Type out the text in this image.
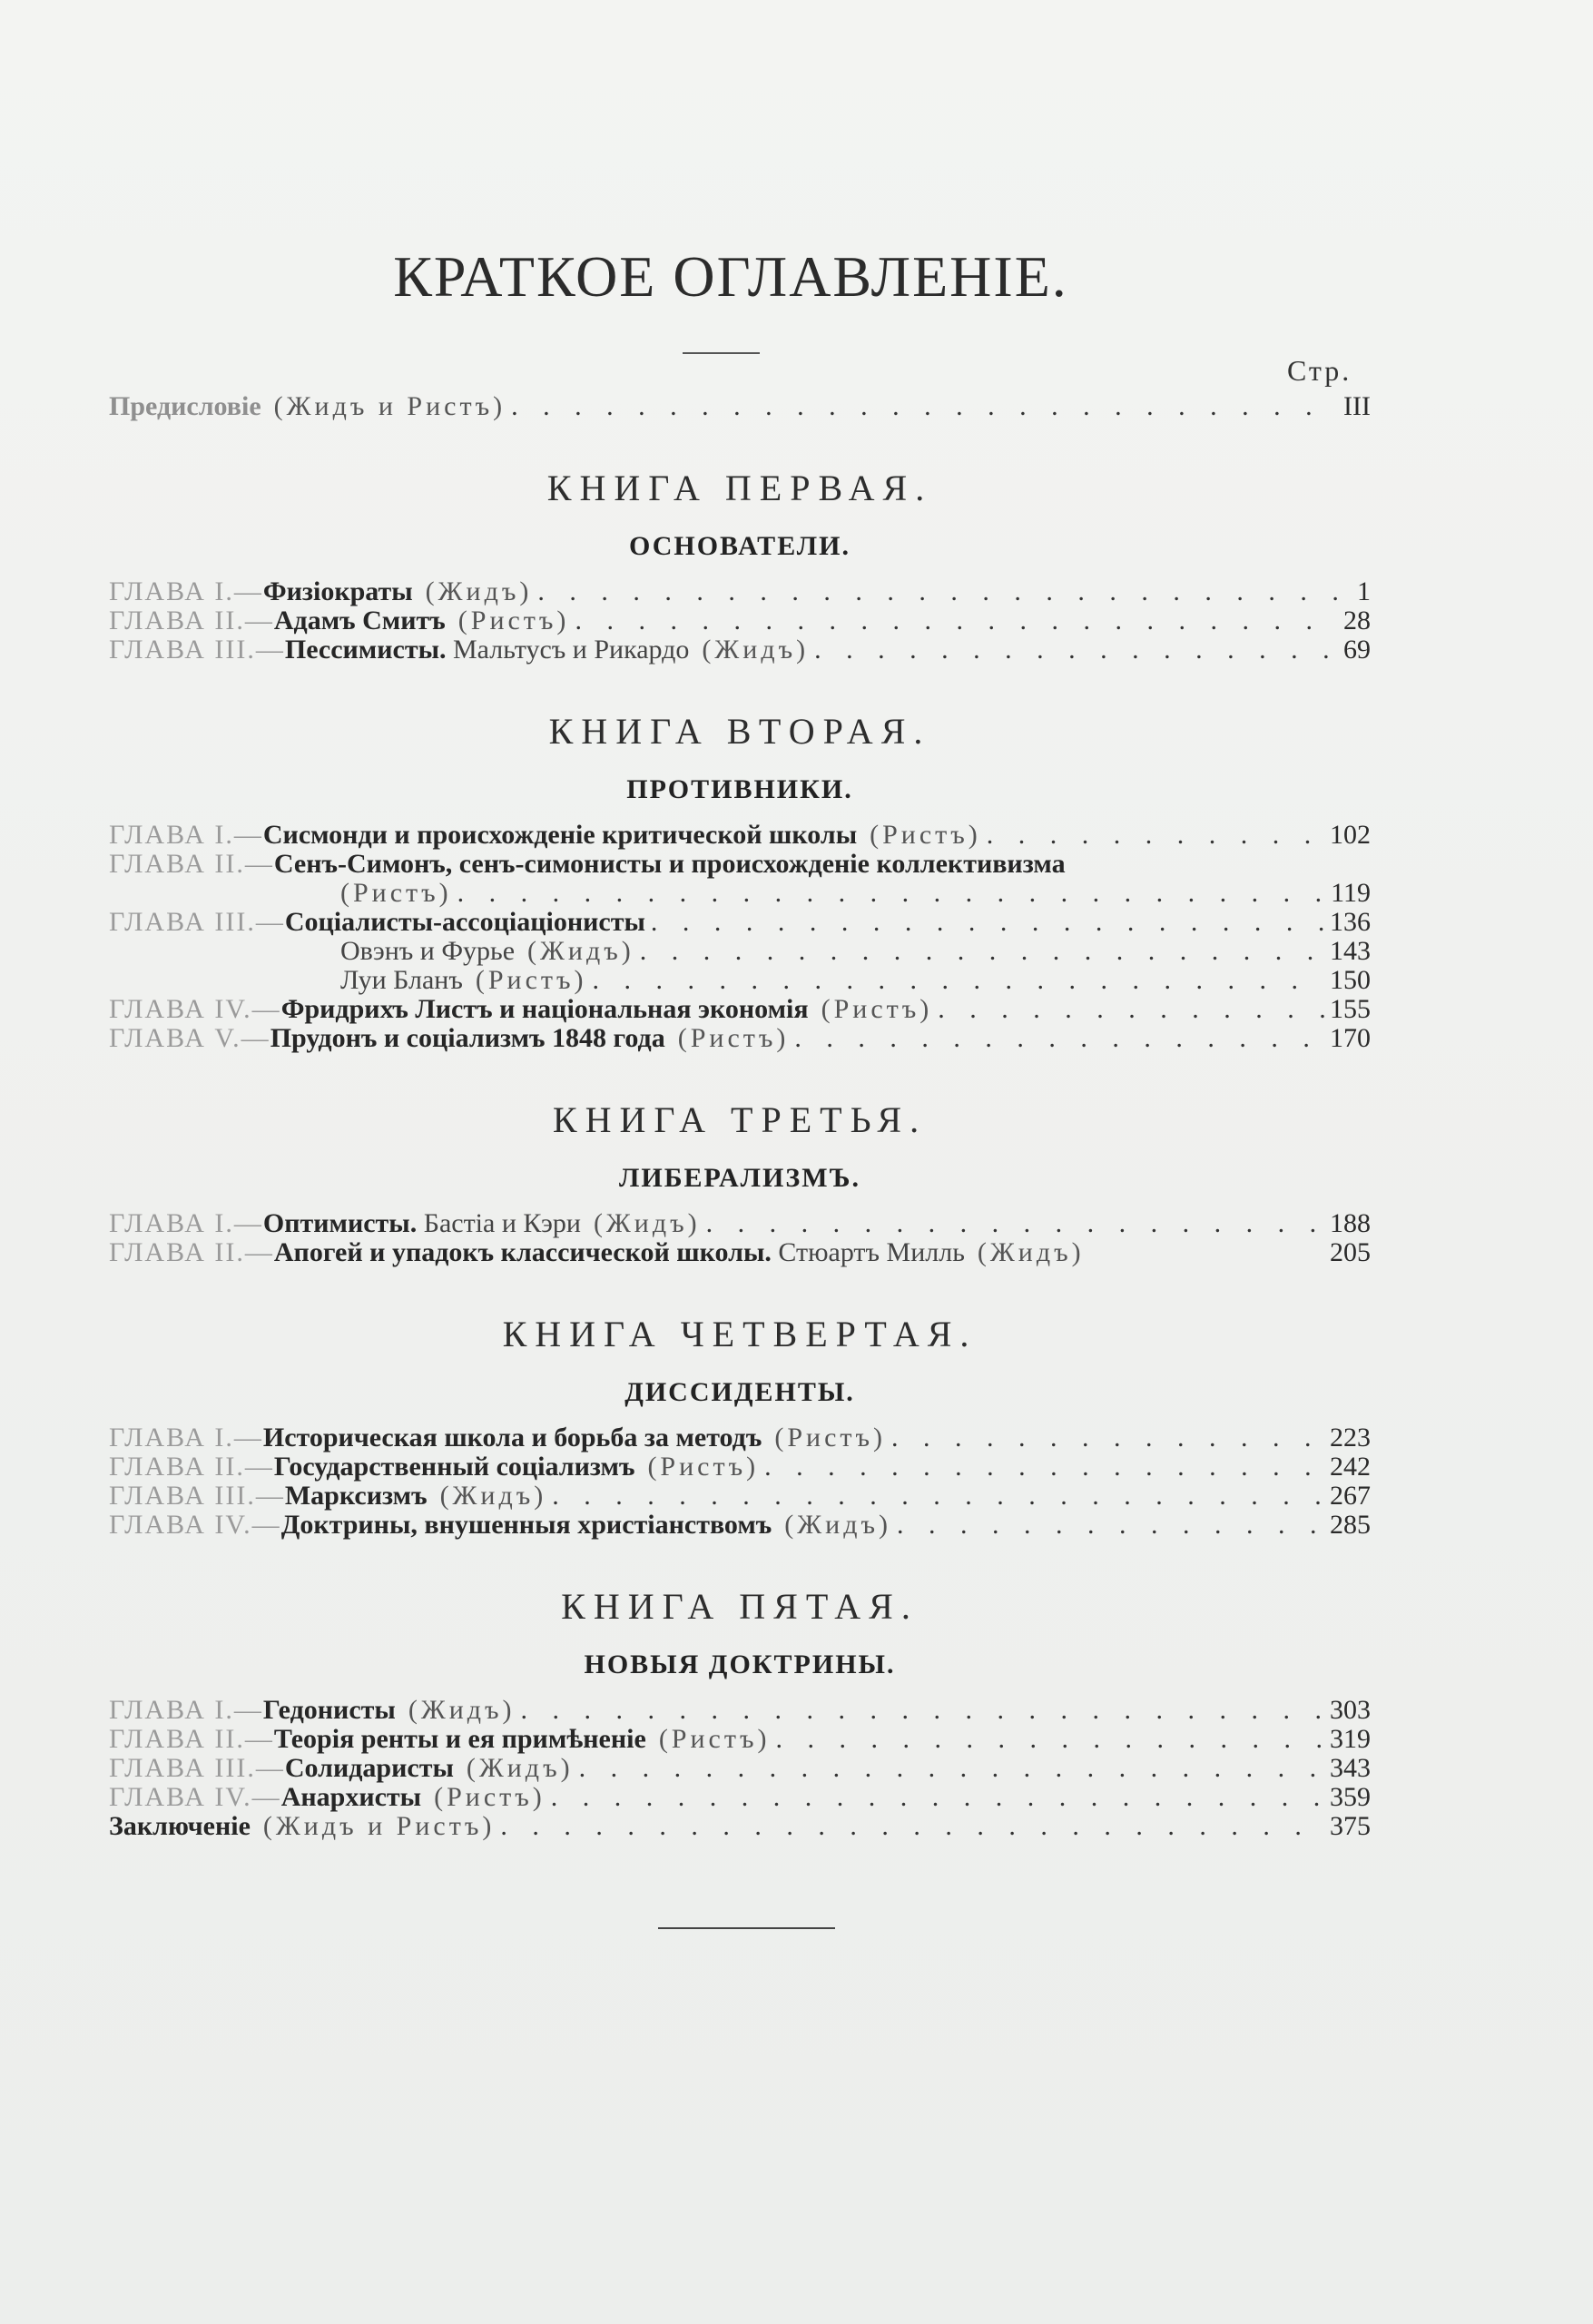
КРАТКОЕ ОГЛАВЛЕНІЕ.
Стр.
Предисловіе (Жидъ и Ристъ) . . .	III
КНИГА ПЕРВАЯ.
ОСНОВАТЕЛИ.
ГЛАВА I.— Физіократы (Жидъ) . . .	1
ГЛАВА II.— Адамъ Смитъ (Ристъ) . . .	28
ГЛАВА III.— Пессимисты. Мальтусъ и Рикардо (Жидъ) . . .	69
КНИГА ВТОРАЯ.
ПРОТИВНИКИ.
ГЛАВА I.— Сисмонди и происхожденіе критической школы (Ристъ) . . .	102
ГЛАВА II.— Сенъ-Симонъ, сенъ-симонисты и происхожденіе коллективизма
(Ристъ) . . .	119
ГЛАВА III.— Соціалисты-ассоціаціонисты . . .	136
Овэнъ и Фурье (Жидъ) . . .	143
Луи Бланъ (Ристъ) . . .	150
ГЛАВА IV.— Фридрихъ Листъ и національная экономія (Ристъ) . . .	155
ГЛАВА V.— Прудонъ и соціализмъ 1848 года (Ристъ) . . .	170
КНИГА ТРЕТЬЯ.
ЛИБЕРАЛИЗМЪ.
ГЛАВА I.— Оптимисты. Бастіа и Кэри (Жидъ) . . .	188
ГЛАВА II.— Апогей и упадокъ классической школы. Стюартъ Милль (Жидъ)	205
КНИГА ЧЕТВЕРТАЯ.
ДИССИДЕНТЫ.
ГЛАВА I.— Историческая школа и борьба за методъ (Ристъ) . . .	223
ГЛАВА II.— Государственный соціализмъ (Ристъ) . . .	242
ГЛАВА III.— Марксизмъ (Жидъ) . . .	267
ГЛАВА IV.— Доктрины, внушенныя христіанствомъ (Жидъ) . . .	285
КНИГА ПЯТАЯ.
НОВЫЯ ДОКТРИНЫ.
ГЛАВА I.— Гедонисты (Жидъ) . . .	303
ГЛАВА II.— Теорія ренты и ея примѣненіе (Ристъ) . . .	319
ГЛАВА III.— Солидаристы (Жидъ) . . .	343
ГЛАВА IV.— Анархисты (Ристъ) . . .	359
Заключеніе (Жидъ и Ристъ) . . .	375
